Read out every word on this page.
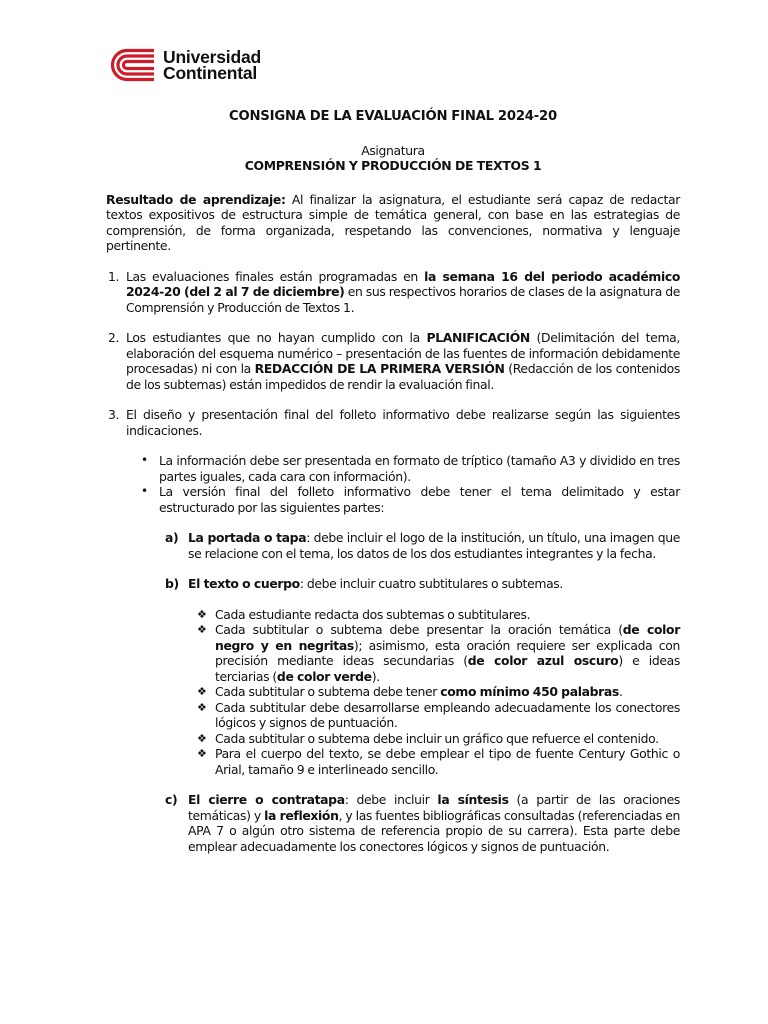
Universidad
Continental

CONSIGNA DE LA EVALUACIÓN FINAL 2024-20

Asignatura

COMPRENSIÓN Y PRODUCCIÓN DE TEXTOS 1

Resultado de aprendizaje: Al finalizar la asignatura, el estudiante será capaz de redactar textos expositivos de estructura simple de temática general, con base en las estrategias de comprensión, de forma organizada, respetando las convenciones, normativa y lenguaje pertinente.

1. Las evaluaciones finales están programadas en la semana 16 del periodo académico 2024-20 (del 2 al 7 de diciembre) en sus respectivos horarios de clases de la asignatura de Comprensión y Producción de Textos 1.

2. Los estudiantes que no hayan cumplido con la PLANIFICACIÓN (Delimitación del tema, elaboración del esquema numérico – presentación de las fuentes de información debidamente procesadas) ni con la REDACCIÓN DE LA PRIMERA VERSIÓN (Redacción de los contenidos de los subtemas) están impedidos de rendir la evaluación final.

3. El diseño y presentación final del folleto informativo debe realizarse según las siguientes indicaciones.

• La información debe ser presentada en formato de tríptico (tamaño A3 y dividido en tres partes iguales, cada cara con información).

• La versión final del folleto informativo debe tener el tema delimitado y estar estructurado por las siguientes partes:

a) La portada o tapa: debe incluir el logo de la institución, un título, una imagen que se relacione con el tema, los datos de los dos estudiantes integrantes y la fecha.

b) El texto o cuerpo: debe incluir cuatro subtitulares o subtemas.

❖ Cada estudiante redacta dos subtemas o subtitulares.

❖ Cada subtitular o subtema debe presentar la oración temática (de color negro y en negritas); asimismo, esta oración requiere ser explicada con precisión mediante ideas secundarias (de color azul oscuro) e ideas terciarias (de color verde).

❖ Cada subtitular o subtema debe tener como mínimo 450 palabras.

❖ Cada subtitular debe desarrollarse empleando adecuadamente los conectores lógicos y signos de puntuación.

❖ Cada subtitular o subtema debe incluir un gráfico que refuerce el contenido.

❖ Para el cuerpo del texto, se debe emplear el tipo de fuente Century Gothic o Arial, tamaño 9 e interlineado sencillo.

c) El cierre o contratapa: debe incluir la síntesis (a partir de las oraciones temáticas) y la reflexión, y las fuentes bibliográficas consultadas (referenciadas en APA 7 o algún otro sistema de referencia propio de su carrera). Esta parte debe emplear adecuadamente los conectores lógicos y signos de puntuación.
